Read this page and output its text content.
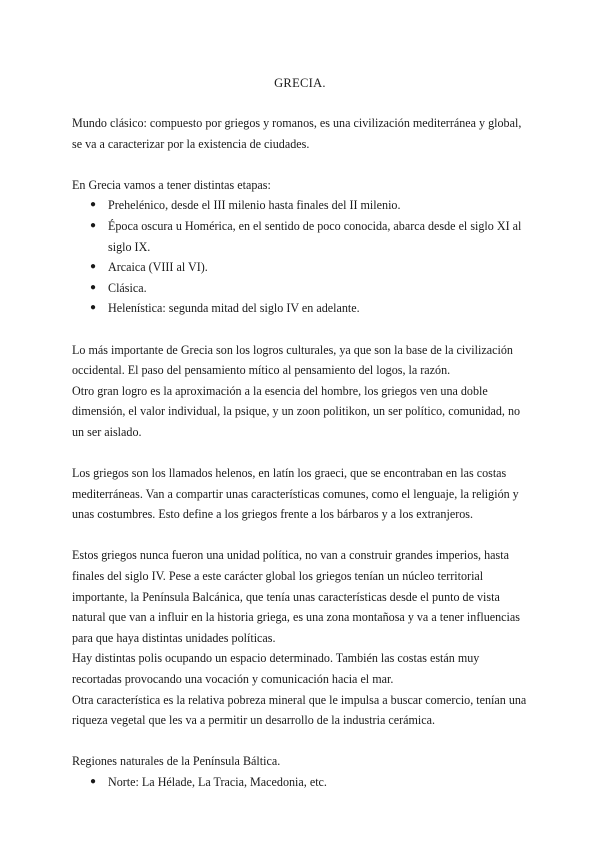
GRECIA.

Mundo clásico: compuesto por griegos y romanos, es una civilización mediterránea y global, se va a caracterizar por la existencia de ciudades.

En Grecia vamos a tener distintas etapas:

● Prehelénico, desde el III milenio hasta finales del II milenio.
● Época oscura u Homérica, en el sentido de poco conocida, abarca desde el siglo XI al siglo IX.
● Arcaica (VIII al VI).
● Clásica.
● Helenística: segunda mitad del siglo IV en adelante.

Lo más importante de Grecia son los logros culturales, ya que son la base de la civilización occidental. El paso del pensamiento mítico al pensamiento del logos, la razón.

Otro gran logro es la aproximación a la esencia del hombre, los griegos ven una doble dimensión, el valor individual, la psique, y un zoon politikon, un ser político, comunidad, no un ser aislado.

Los griegos son los llamados helenos, en latín los graeci, que se encontraban en las costas mediterráneas. Van a compartir unas características comunes, como el lenguaje, la religión y unas costumbres. Esto define a los griegos frente a los bárbaros y a los extranjeros.

Estos griegos nunca fueron una unidad política, no van a construir grandes imperios, hasta finales del siglo IV. Pese a este carácter global los griegos tenían un núcleo territorial importante, la Península Balcánica, que tenía unas características desde el punto de vista natural que van a influir en la historia griega, es una zona montañosa y va a tener influencias para que haya distintas unidades políticas.

Hay distintas polis ocupando un espacio determinado. También las costas están muy recortadas provocando una vocación y comunicación hacia el mar.

Otra característica es la relativa pobreza mineral que le impulsa a buscar comercio, tenían una riqueza vegetal que les va a permitir un desarrollo de la industria cerámica.

Regiones naturales de la Península Báltica.

● Norte: La Hélade, La Tracia, Macedonia, etc.
